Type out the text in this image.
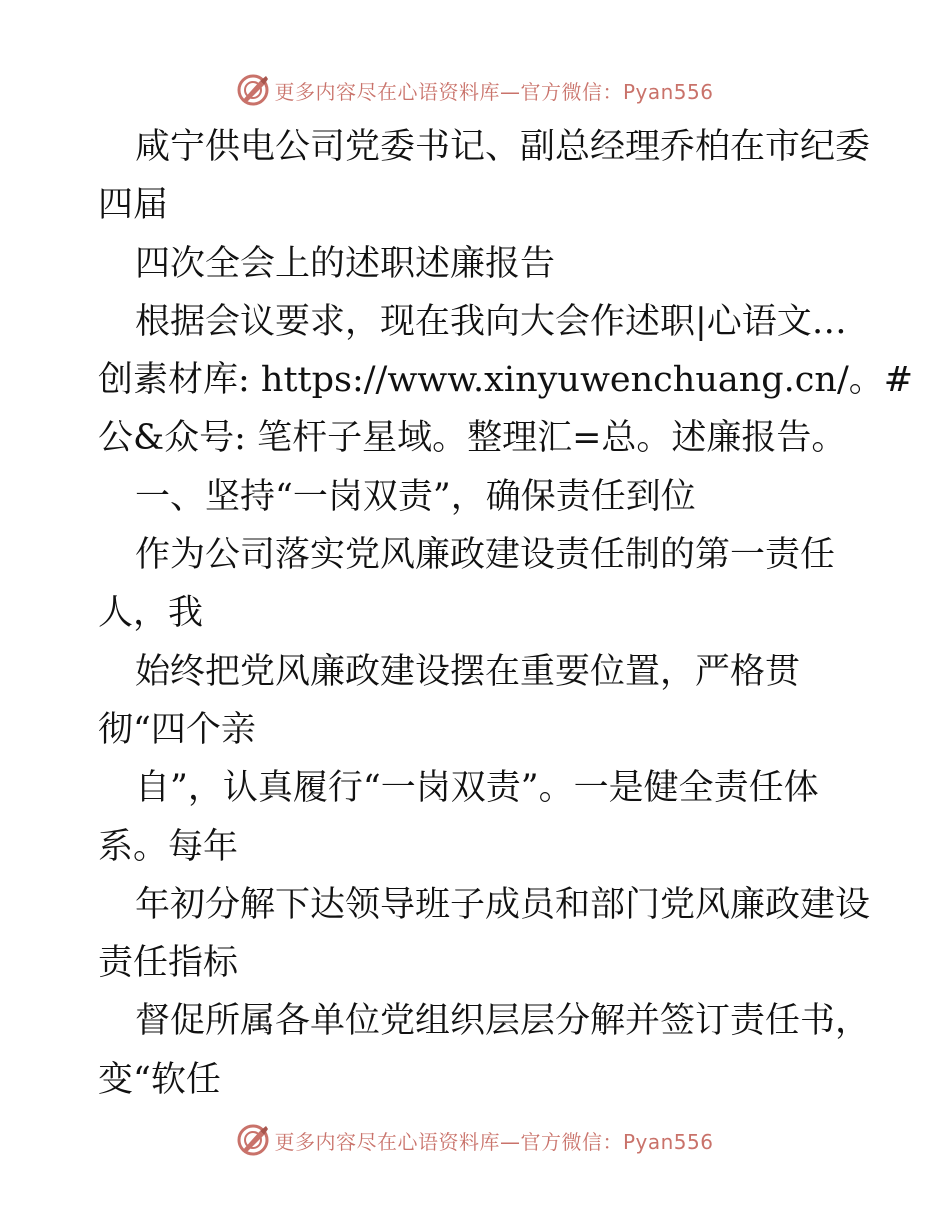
更多内容尽在心语资料库—官方微信：Pyan556
咸宁供电公司党委书记、副总经理乔柏在市纪委
四届
四次全会上的述职述廉报告
根据会议要求，现在我向大会作述职|心语文…
创素材库: https://www.xinyuwenchuang.cn/。#
公&众号: 笔杆子星域。整理汇=总。述廉报告。
一、坚持“一岗双责”，确保责任到位
作为公司落实党风廉政建设责任制的第一责任
人，我
始终把党风廉政建设摆在重要位置，严格贯
彻“四个亲
自”，认真履行“一岗双责”。一是健全责任体
系。每年
年初分解下达领导班子成员和部门党风廉政建设
责任指标
督促所属各单位党组织层层分解并签订责任书，
变“软任
更多内容尽在心语资料库—官方微信：Pyan556
